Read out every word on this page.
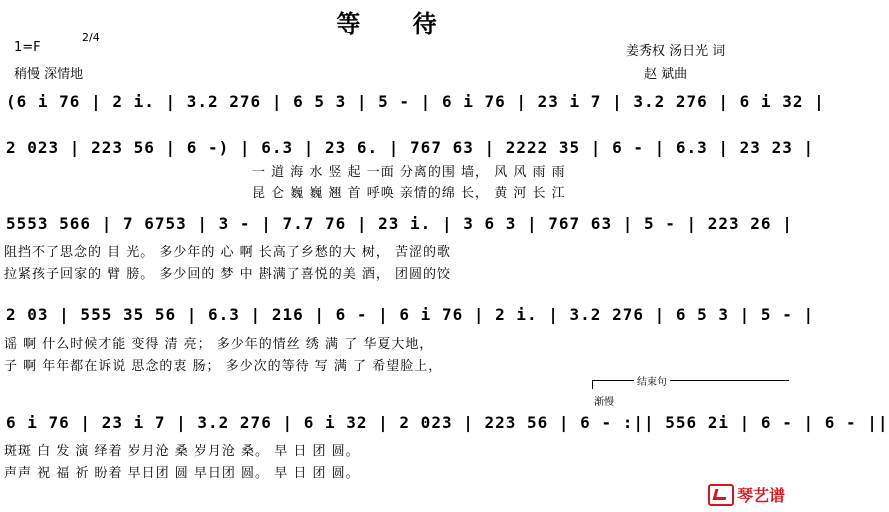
等 待
1=F
2/4
稍慢 深情地
姜秀权 汤日光 词
赵 斌曲
(6 i 76 | 2 i. | 3.2 276 | 6 5 3 | 5 - | 6 i 76 | 23 i 7 | 3.2 276 | 6 i 32 |
2 023 | 223 56 | 6 -) | 6.3 | 23 6. | 767 63 | 2222 35 | 6 - | 6.3 | 23 23 |
一 道 海 水 竖 起 一面 分离的围 墙， 风 风 雨 雨
昆 仑 巍 巍 翘 首 呼唤 亲情的绵 长， 黄 河 长 江
5553 566 | 7 6753 | 3 - | 7.7 76 | 23 i. | 3 6 3 | 767 63 | 5 - | 223 26 |
阻挡不了思念的 目 光。 多少年的 心 啊 长高了乡愁的大 树， 苦涩的歌
拉紧孩子回家的 臂 膀。 多少回的 梦 中 斟满了喜悦的美 酒， 团圆的饺
2 03 | 555 35 56 | 6.3 | 216 | 6 - | 6 i 76 | 2 i. | 3.2 276 | 6 5 3 | 5 - |
谣 啊 什么时候才能 变得 清 亮； 多少年的情丝 绣 满 了 华夏大地，
子 啊 年年都在诉说 思念的衷 肠； 多少次的等待 写 满 了 希望脸上，
结束句
渐慢
6 i 76 | 23 i 7 | 3.2 276 | 6 i 32 | 2 023 | 223 56 | 6 - :|| 556 2i | 6 - | 6 - ||
斑斑 白 发 演 绎着 岁月沧 桑 岁月沧 桑。 早 日 团 圆。
声声 祝 福 祈 盼着 早日团 圆 早日团 圆。 早 日 团 圆。
琴艺谱
